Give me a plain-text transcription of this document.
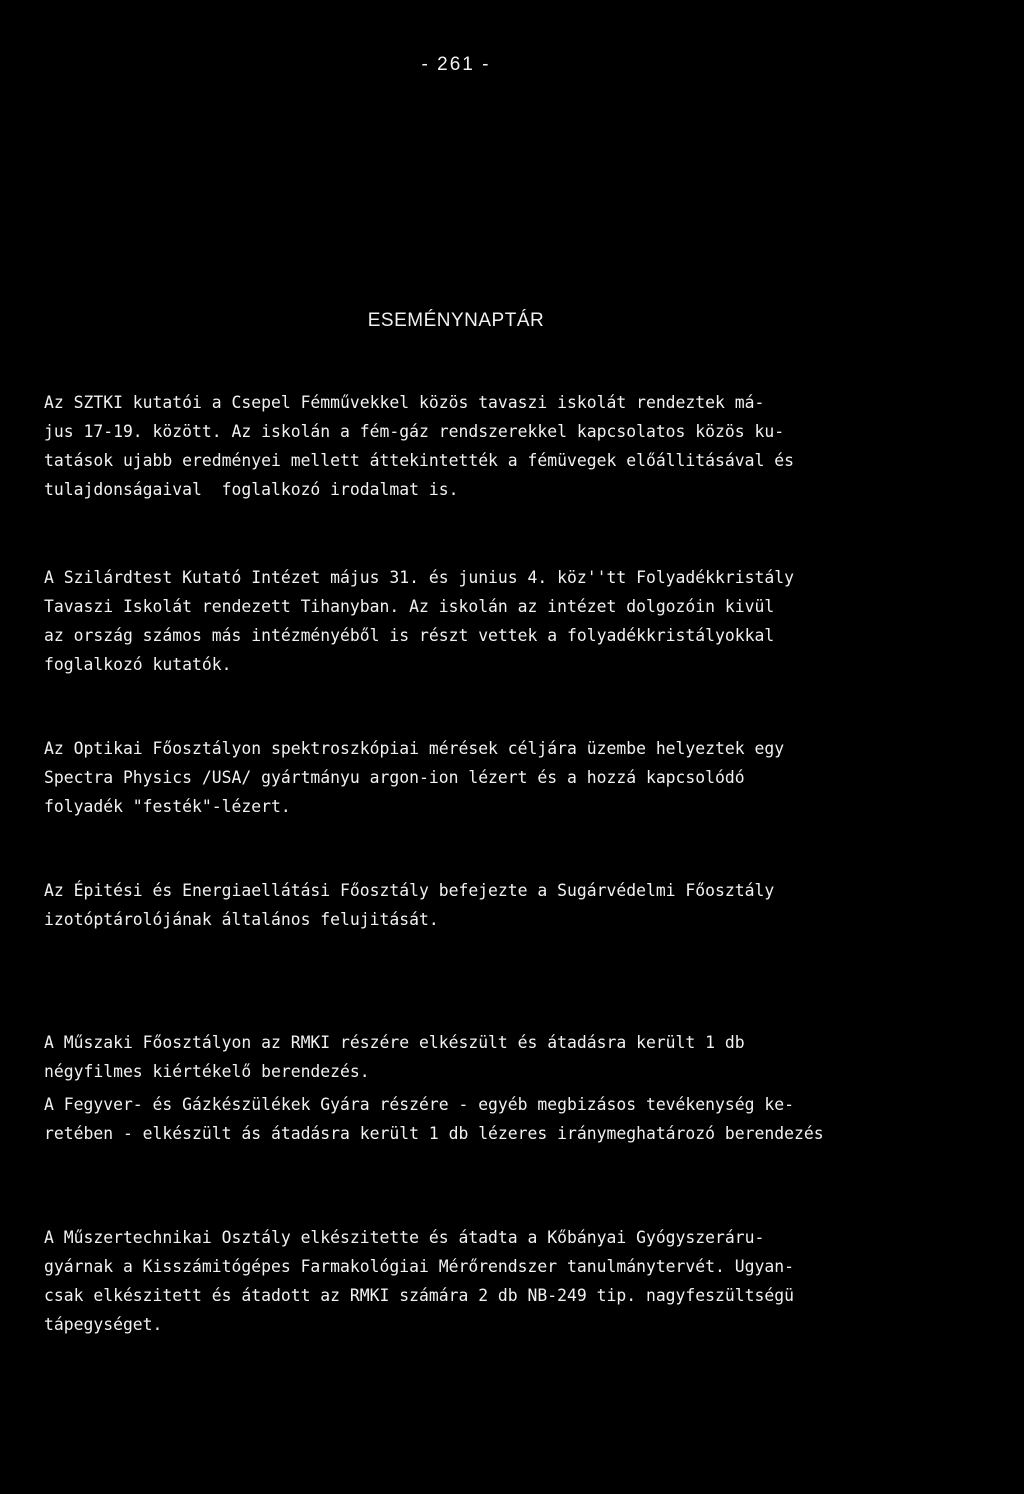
- 261 -
ESEMÉNYNAPTÁR
Az SZTKI kutatói a Csepel Fémművekkel közös tavaszi iskolát rendeztek má-
jus 17-19. között. Az iskolán a fém-gáz rendszerekkel kapcsolatos közös ku-
tatások ujabb eredményei mellett áttekintették a fémüvegek előállitásával és
tulajdonságaival  foglalkozó irodalmat is.
A Szilárdtest Kutató Intézet május 31. és junius 4. köz''tt Folyadékkristály
Tavaszi Iskolát rendezett Tihanyban. Az iskolán az intézet dolgozóin kivül
az ország számos más intézményéből is részt vettek a folyadékkristályokkal
foglalkozó kutatók.
Az Optikai Főosztályon spektroszkópiai mérések céljára üzembe helyeztek egy
Spectra Physics /USA/ gyártmányu argon-ion lézert és a hozzá kapcsolódó
folyadék "festék"-lézert.
Az Épitési és Energiaellátási Főosztály befejezte a Sugárvédelmi Főosztály
izotóptárolójának általános felujitását.
A Műszaki Főosztályon az RMKI részére elkészült és átadásra került 1 db
négyfilmes kiértékelő berendezés.
A Fegyver- és Gázkészülékek Gyára részére - egyéb megbizásos tevékenység ke-
retében - elkészült ás átadásra került 1 db lézeres iránymeghatározó berendezés
A Műszertechnikai Osztály elkészitette és átadta a Kőbányai Gyógyszeráru-
gyárnak a Kisszámitógépes Farmakológiai Mérőrendszer tanulmánytervét. Ugyan-
csak elkészitett és átadott az RMKI számára 2 db NB-249 tip. nagyfeszültségü
tápegységet.
